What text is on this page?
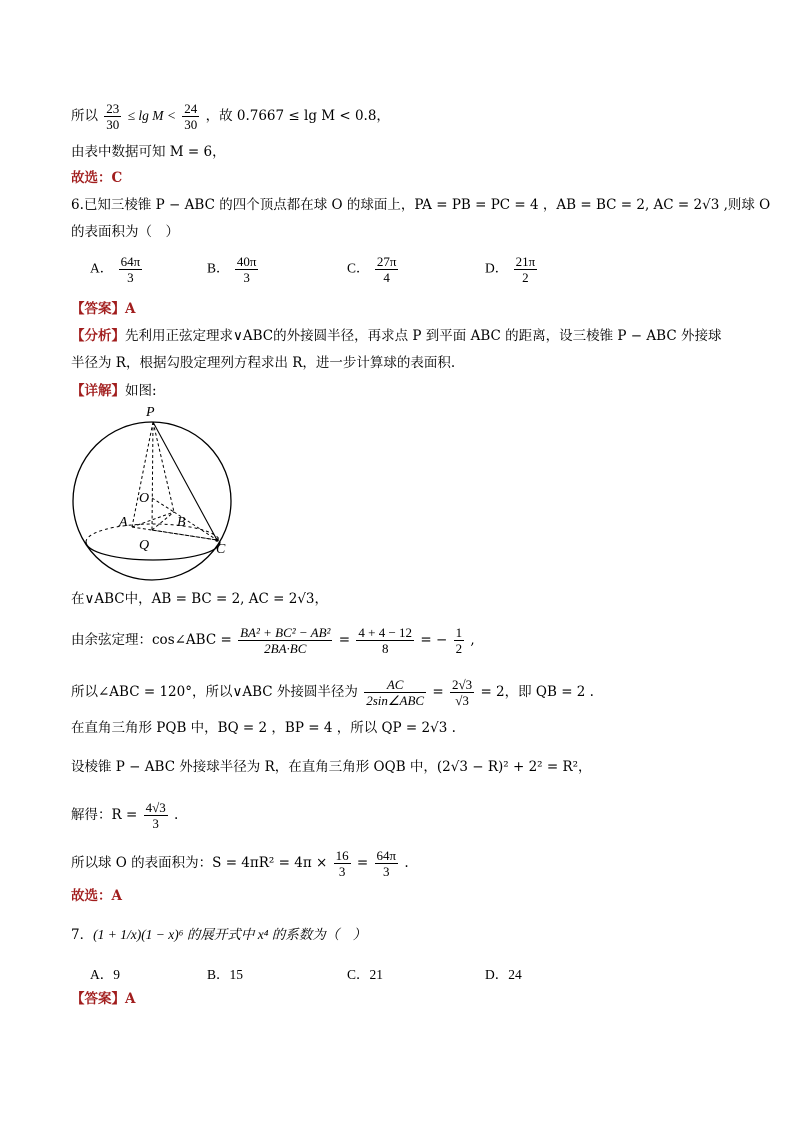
所以 $\frac{23}{30} \le \lg M < \frac{24}{30}$ ，故 0.7667 ≤ lg M < 0.8，
由表中数据可知 M = 6，
故选：C
6.已知三棱锥 P − ABC 的四个顶点都在球 O 的球面上，PA = PB = PC = 4 ，AB = BC = 2, AC = 2√3 ,则球 O
的表面积为（　）
A． $\frac{64\pi}{3}$	B． $\frac{40\pi}{3}$	C． $\frac{27\pi}{4}$	D． $\frac{21\pi}{2}$
【答案】A
【分析】先利用正弦定理求∨ABC的外接圆半径，再求点 P 到平面 ABC 的距离，设三棱锥 P − ABC 外接球
半径为 R，根据勾股定理列方程求出 R，进一步计算球的表面积.
【详解】如图:
P
O
A	B
Q	C
在∨ABC中，AB = BC = 2, AC = 2√3，
由余弦定理：cos∠ABC = $\frac{\text{BA² + BC² − AB²}}{2BA\cdot BC} = \frac{4 + 4 - 12}{8}$ = − $\frac{1}{2}$ ,
所以∠ABC = 120°，所以∨ABC 外接圆半径为 $\frac{AC}{\text{2sin∠ABC}} = \frac{2√3}{√3} = 2$，即 QB = 2 .
在直角三角形 PQB 中，BQ = 2 ，BP = 4 ，所以 QP = 2√3 .
设棱锥 P − ABC 外接球半径为 R，在直角三角形 OQB 中，(2√3 − R)² + 2² = R²，
解得：$R = \frac{4√3}{3}$ .
所以球 O 的表面积为：$S = 4\pi R^2 = 4\pi \times \frac{16}{3} = \frac{64\pi}{3}$ .
故选：A
7．(1 + 1/x)(1 − x)⁶ 的展开式中 x⁴ 的系数为（　）
A．9	B．15	C．21	D．24
【答案】A
